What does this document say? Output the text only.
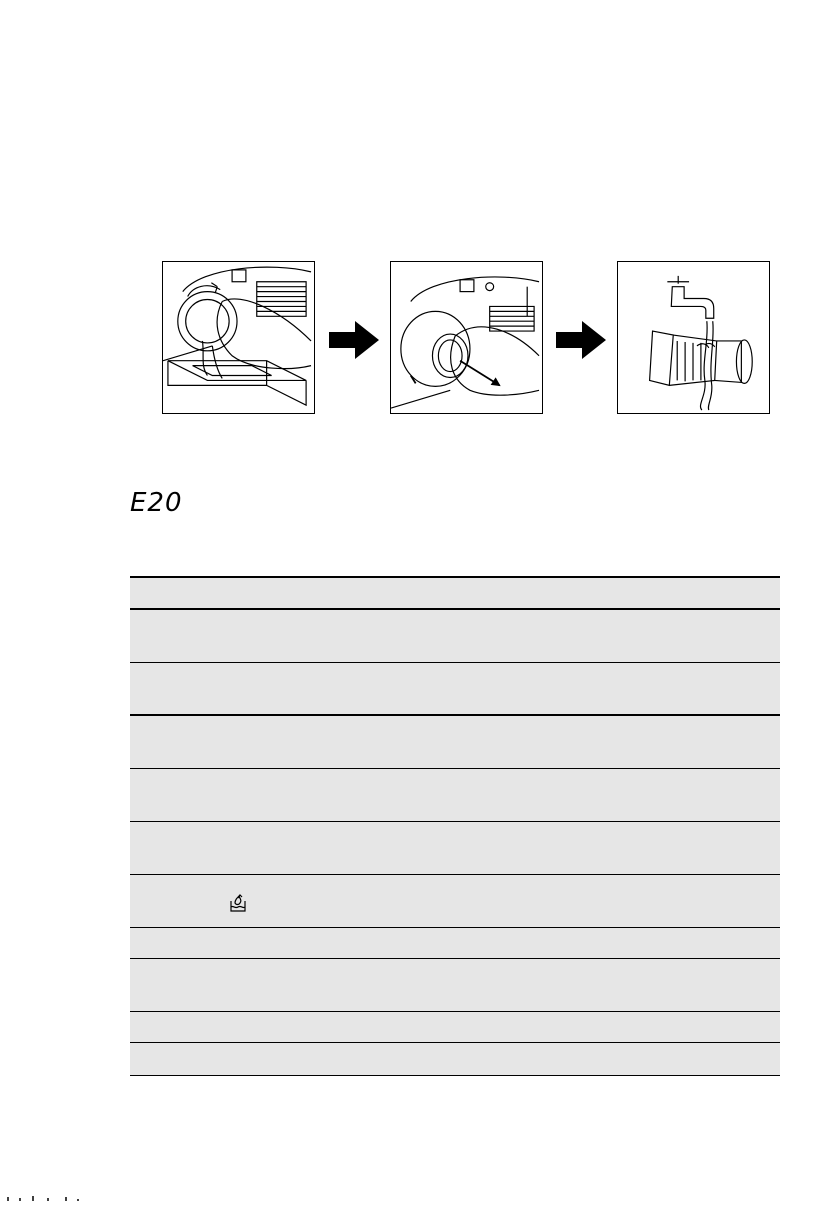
E20
